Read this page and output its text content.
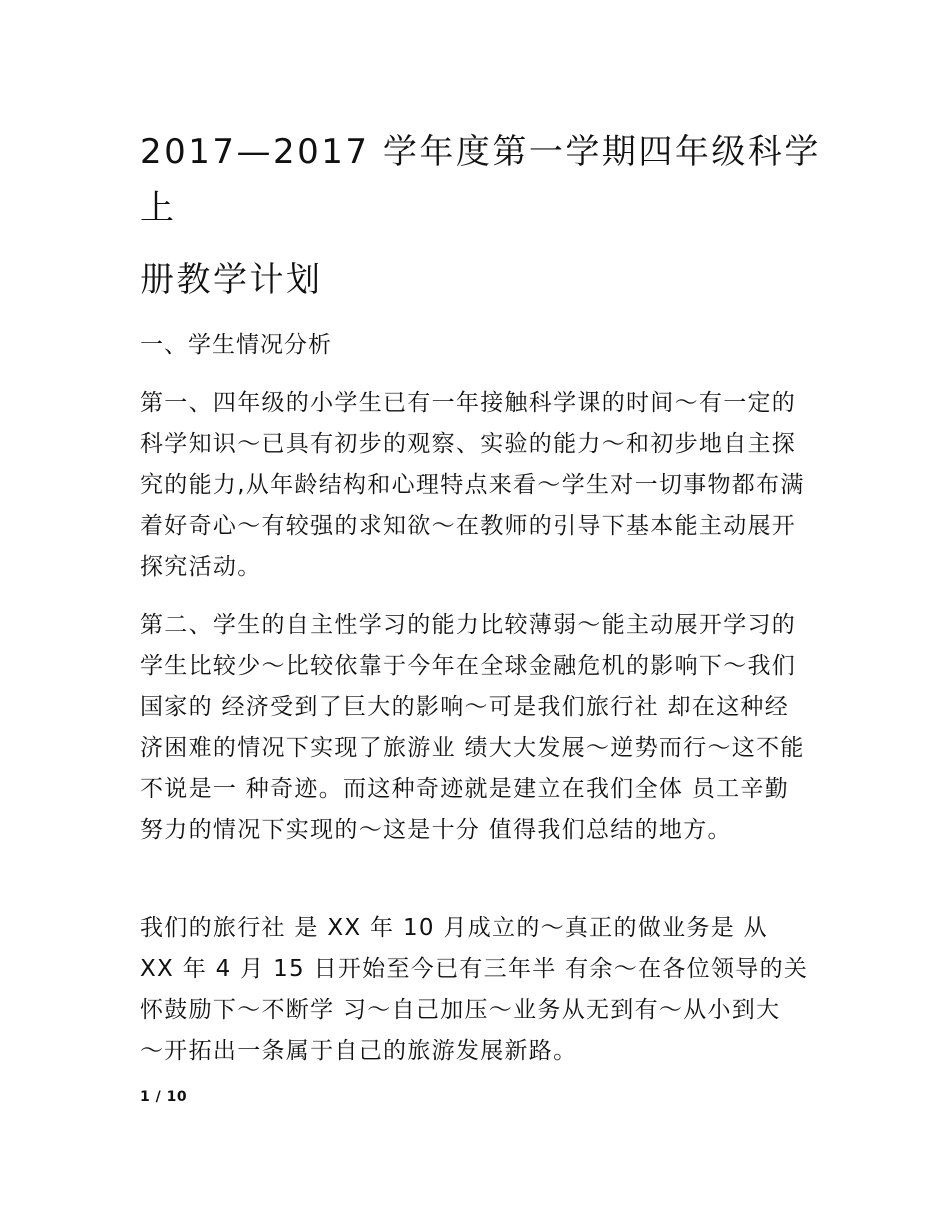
2017—2017 学年度第一学期四年级科学上
册教学计划
一、学生情况分析

第一、四年级的小学生已有一年接触科学课的时间～有一定的科学知识～已具有初步的观察、实验的能力～和初步地自主探究的能力,从年龄结构和心理特点来看～学生对一切事物都布满着好奇心～有较强的求知欲～在教师的引导下基本能主动展开探究活动。

第二、学生的自主性学习的能力比较薄弱～能主动展开学习的学生比较少～比较依靠于今年在全球金融危机的影响下～我们国家的 经济受到了巨大的影响～可是我们旅行社 却在这种经济困难的情况下实现了旅游业 绩大大发展～逆势而行～这不能不说是一 种奇迹。而这种奇迹就是建立在我们全体 员工辛勤努力的情况下实现的～这是十分 值得我们总结的地方。

我们的旅行社 是 XX 年 10 月成立的～真正的做业务是 从 XX 年 4 月 15 日开始至今已有三年半 有余～在各位领导的关怀鼓励下～不断学 习～自己加压～业务从无到有～从小到大 ～开拓出一条属于自己的旅游发展新路。

1 / 10
